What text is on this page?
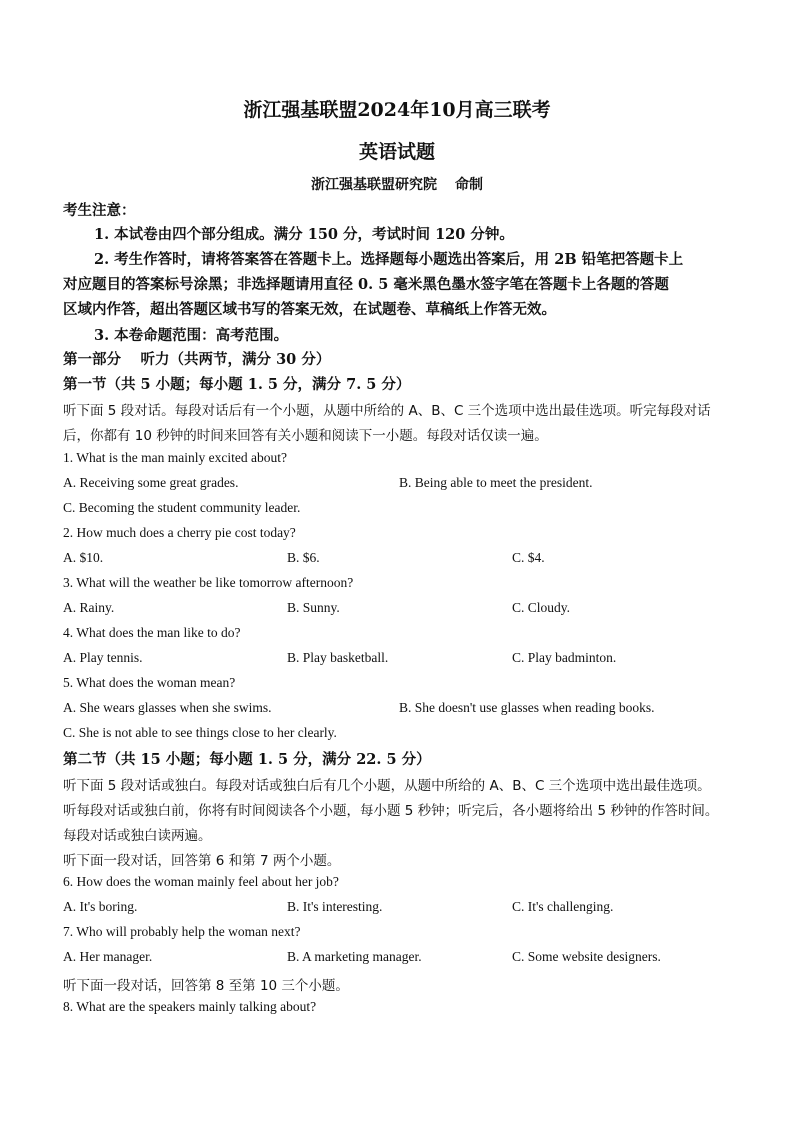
浙江强基联盟2024年10月高三联考
英语试题
浙江强基联盟研究院 命制
考生注意：
1. 本试卷由四个部分组成。满分 150 分，考试时间 120 分钟。
2. 考生作答时，请将答案答在答题卡上。选择题每小题选出答案后，用 2B 铅笔把答题卡上
对应题目的答案标号涂黑；非选择题请用直径 0. 5 毫米黑色墨水签字笔在答题卡上各题的答题
区域内作答，超出答题区域书写的答案无效，在试题卷、草稿纸上作答无效。
3. 本卷命题范围：高考范围。
第一部分　 听力（共两节，满分 30 分）
第一节（共 5 小题；每小题 1. 5 分，满分 7. 5 分）
听下面 5 段对话。每段对话后有一个小题，从题中所给的 A、B、C 三个选项中选出最佳选项。听完每段对话
后，你都有 10 秒钟的时间来回答有关小题和阅读下一小题。每段对话仅读一遍。
1. What is the man mainly excited about?
A. Receiving some great grades.	B. Being able to meet the president.
C. Becoming the student community leader.
2. How much does a cherry pie cost today?
A. $10.	B. $6.	C. $4.
3. What will the weather be like tomorrow afternoon?
A. Rainy.	B. Sunny.	C. Cloudy.
4. What does the man like to do?
A. Play tennis.	B. Play basketball.	C. Play badminton.
5. What does the woman mean?
A. She wears glasses when she swims.	B. She doesn't use glasses when reading books.
C. She is not able to see things close to her clearly.
第二节（共 15 小题；每小题 1. 5 分，满分 22. 5 分）
听下面 5 段对话或独白。每段对话或独白后有几个小题，从题中所给的 A、B、C 三个选项中选出最佳选项。
听每段对话或独白前，你将有时间阅读各个小题，每小题 5 秒钟；听完后，各小题将给出 5 秒钟的作答时间。
每段对话或独白读两遍。
听下面一段对话，回答第 6 和第 7 两个小题。
6. How does the woman mainly feel about her job?
A. It's boring.	B. It's interesting.	C. It's challenging.
7. Who will probably help the woman next?
A. Her manager.	B. A marketing manager.	C. Some website designers.
听下面一段对话，回答第 8 至第 10 三个小题。
8. What are the speakers mainly talking about?
